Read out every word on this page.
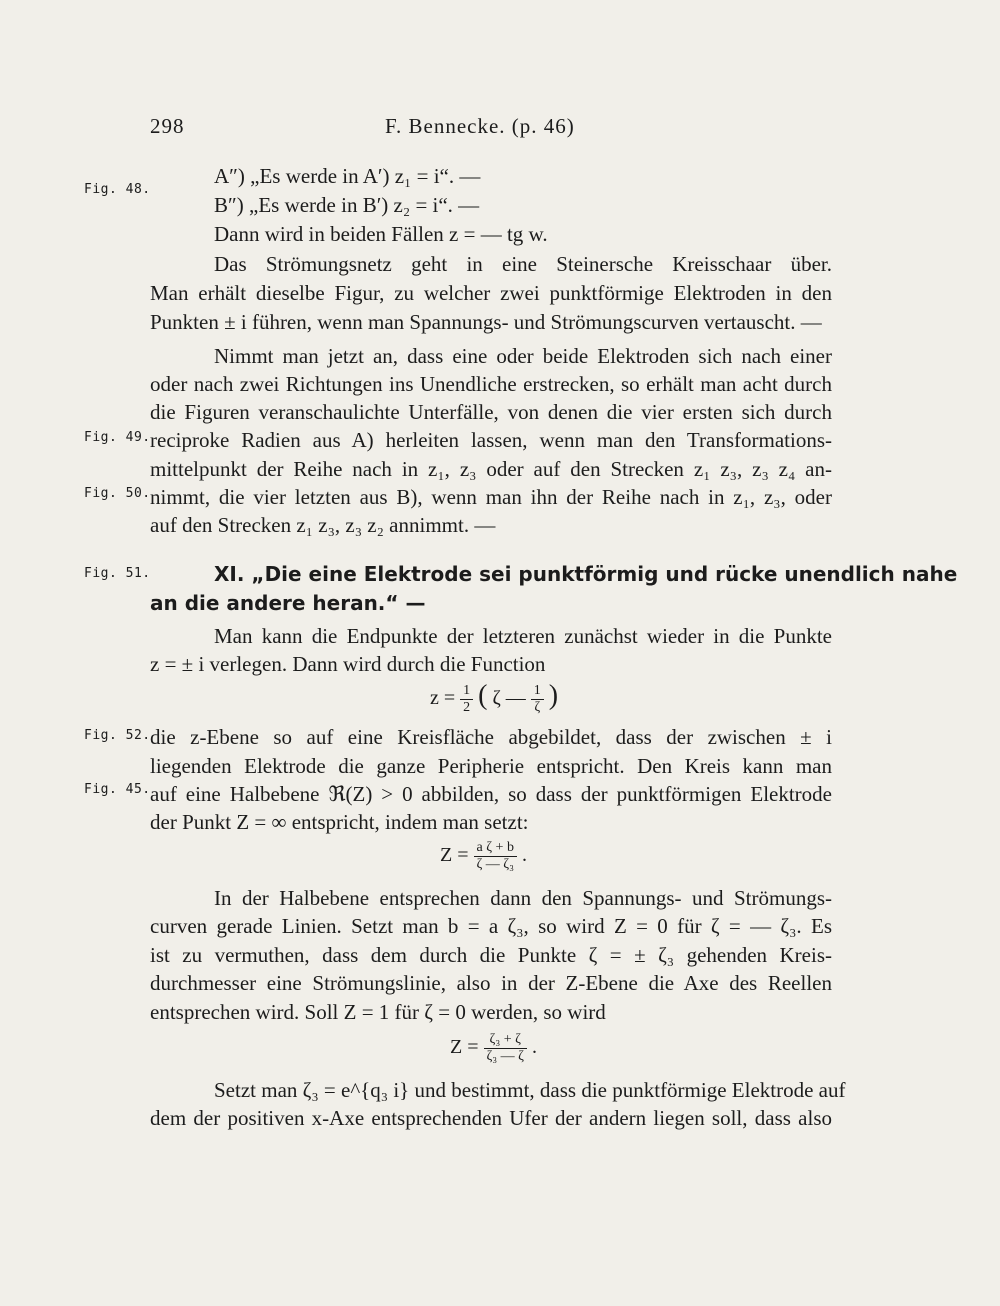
298	F. Bennecke. (p. 46)
Fig. 48.
Fig. 49.
Fig. 50.
Fig. 51.
Fig. 52.
Fig. 45.
A″) „Es werde in A′) z₁ = i“. —
B″) „Es werde in B′) z₂ = i“. —
Dann wird in beiden Fällen z = — tg w.
Das Strömungsnetz geht in eine Steinersche Kreisschaar über.
Man erhält dieselbe Figur, zu welcher zwei punktförmige Elektroden in den
Punkten ± i führen, wenn man Spannungs- und Strömungscurven vertauscht. —
Nimmt man jetzt an, dass eine oder beide Elektroden sich nach einer
oder nach zwei Richtungen ins Unendliche erstrecken, so erhält man acht durch
die Figuren veranschaulichte Unterfälle, von denen die vier ersten sich durch
reciproke Radien aus A) herleiten lassen, wenn man den Transformations-
mittelpunkt der Reihe nach in z₁, z₃ oder auf den Strecken z₁ z₃, z₃ z₄ an-
nimmt, die vier letzten aus B), wenn man ihn der Reihe nach in z₁, z₃, oder
auf den Strecken z₁ z₃, z₃ z₂ annimmt. —
XI. „Die eine Elektrode sei punktförmig und rücke unendlich nahe
an die andere heran.“ —
Man kann die Endpunkte der letzteren zunächst wieder in die Punkte
z = ± i verlegen. Dann wird durch die Function
$z = \frac{1}{2}$ ( ζ — $\frac{1}{\zeta}$ )
die z-Ebene so auf eine Kreisfläche abgebildet, dass der zwischen ± i
liegenden Elektrode die ganze Peripherie entspricht. Den Kreis kann man
auf eine Halbebene ℜ(Z) > 0 abbilden, so dass der punktförmigen Elektrode
der Punkt Z = ∞ entspricht, indem man setzt:
$Z = \frac{\text{a ζ + b}}{\text{ζ — ζ₃}}$ .
In der Halbebene entsprechen dann den Spannungs- und Strömungs-
curven gerade Linien. Setzt man b = a ζ₃, so wird Z = 0 für ζ = — ζ₃. Es
ist zu vermuthen, dass dem durch die Punkte ζ = ± ζ₃ gehenden Kreis-
durchmesser eine Strömungslinie, also in der Z-Ebene die Axe des Reellen
entsprechen wird. Soll Z = 1 für ζ = 0 werden, so wird
$Z = \frac{\text{ζ₃ + ζ}}{\text{ζ₃ — ζ}}$ .
Setzt man ζ₃ = e^{q₃ i} und bestimmt, dass die punktförmige Elektrode auf
dem der positiven x-Axe entsprechenden Ufer der andern liegen soll, dass also
